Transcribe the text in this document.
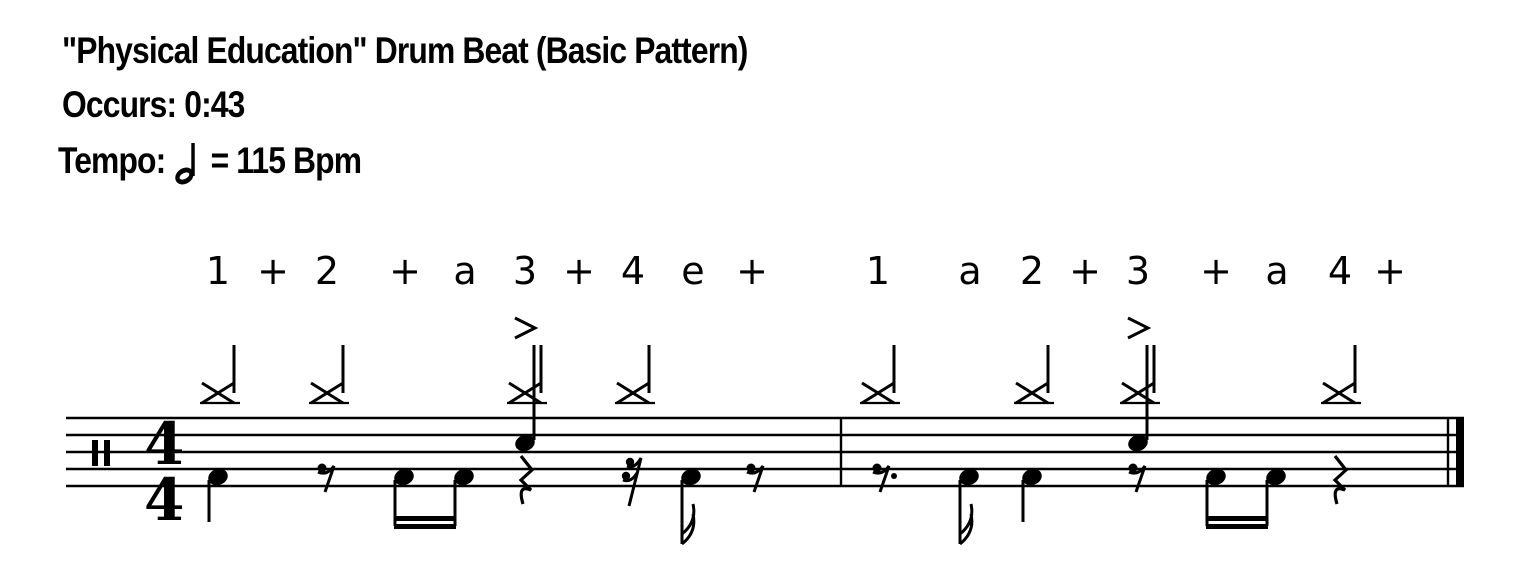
"Physical Education" Drum Beat (Basic Pattern)
Occurs: 0:43
Tempo: = 115 Bpm
4
4
1 + 2 + a 3 + 4 e +	1 a 2 + 3 + a 4 +
